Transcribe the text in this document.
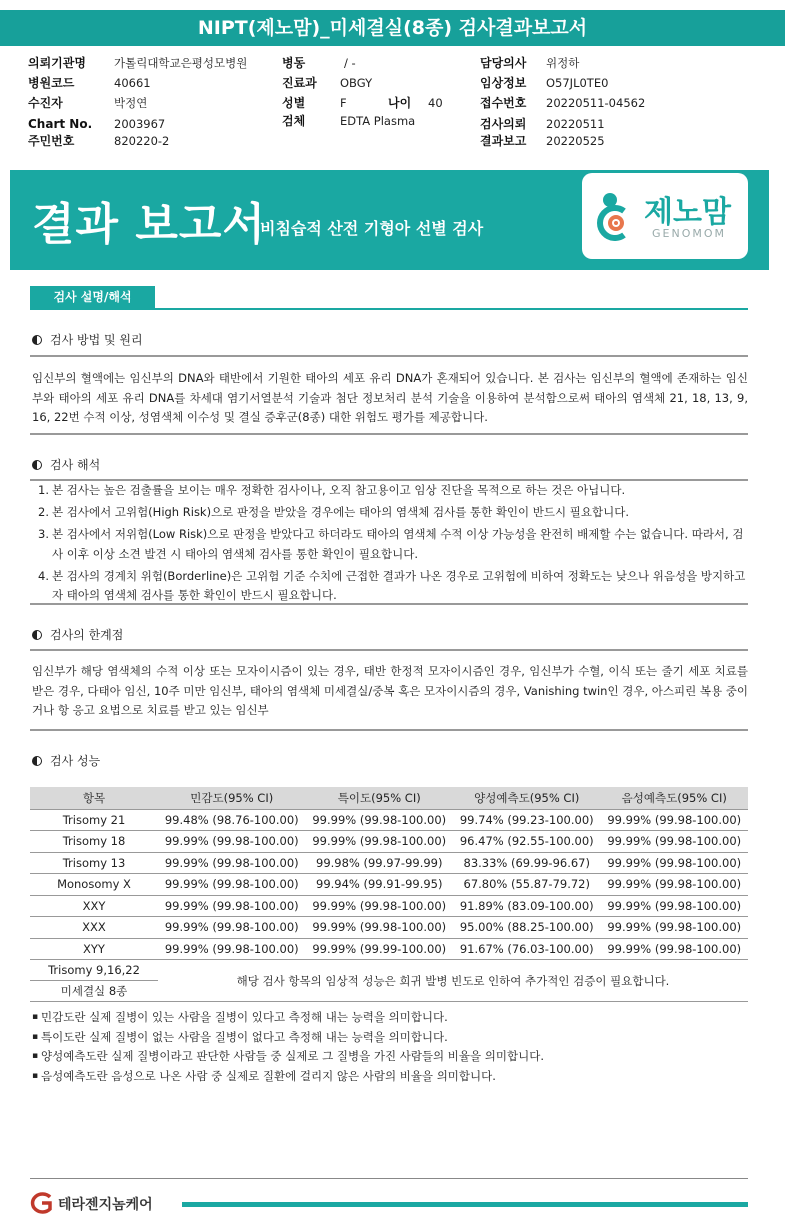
NIPT(제노맘)_미세결실(8종) 검사결과보고서
의뢰기관명 가톨릭대학교은평성모병원	병동	/ -	담당의사 위정하
병원코드	40661	진료과 OBGY	임상정보 O57JL0TE0
수진자	박정연	성별	F	나이 40	접수번호 20220511-04562
Chart No. 2003967	검체	EDTA Plasma	검사의뢰 20220511
주민번호	820220-2	결과보고 20220525
결과 보고서
비침습적 산전 기형아 선별 검사	제노맘
GENOMOM
검사 설명/해석
검사 방법 및 원리
임신부의 혈액에는 임신부의 DNA와 태반에서 기원한 태아의 세포 유리 DNA가 혼재되어 있습니다. 본 검사는 임신부의 혈액에 존재하는 임신부와 태아의 세포 유리 DNA를 차세대 염기서열분석 기술과 첨단 정보처리 분석 기술을 이용하여 분석함으로써 태아의 염색체 21, 18, 13, 9, 16, 22번 수적 이상, 성염색체 이수성 및 결실 증후군(8종) 대한 위험도 평가를 제공합니다.
검사 해석
1. 본 검사는 높은 검출률을 보이는 매우 정확한 검사이나, 오직 참고용이고 임상 진단을 목적으로 하는 것은 아닙니다.
2. 본 검사에서 고위험(High Risk)으로 판정을 받았을 경우에는 태아의 염색체 검사를 통한 확인이 반드시 필요합니다.
3. 본 검사에서 저위험(Low Risk)으로 판정을 받았다고 하더라도 태아의 염색체 수적 이상 가능성을 완전히 배제할 수는 없습니다. 따라서, 검사 이후 이상 소견 발견 시 태아의 염색체 검사를 통한 확인이 필요합니다.
4. 본 검사의 경계치 위험(Borderline)은 고위험 기준 수치에 근접한 결과가 나온 경우로 고위험에 비하여 정확도는 낮으나 위음성을 방지하고자 태아의 염색체 검사를 통한 확인이 반드시 필요합니다.
검사의 한계점
임신부가 해당 염색체의 수적 이상 또는 모자이시즘이 있는 경우, 태반 한정적 모자이시즘인 경우, 임신부가 수혈, 이식 또는 줄기 세포 치료를 받은 경우, 다태아 임신, 10주 미만 임신부, 태아의 염색체 미세결실/중복 혹은 모자이시즘의 경우, Vanishing twin인 경우, 아스피린 복용 중이거나 항 응고 요법으로 치료를 받고 있는 임신부
검사 성능
항목	민감도(95% CI)	특이도(95% CI)	양성예측도(95% CI)	음성예측도(95% CI)
Trisomy 21	99.48% (98.76-100.00)	99.99% (99.98-100.00)	99.74% (99.23-100.00)	99.99% (99.98-100.00)
Trisomy 18	99.99% (99.98-100.00)	99.99% (99.98-100.00)	96.47% (92.55-100.00)	99.99% (99.98-100.00)
Trisomy 13	99.99% (99.98-100.00)	99.98% (99.97-99.99)	83.33% (69.99-96.67)	99.99% (99.98-100.00)
Monosomy X	99.99% (99.98-100.00)	99.94% (99.91-99.95)	67.80% (55.87-79.72)	99.99% (99.98-100.00)
XXY	99.99% (99.98-100.00)	99.99% (99.98-100.00)	91.89% (83.09-100.00)	99.99% (99.98-100.00)
XXX	99.99% (99.98-100.00)	99.99% (99.98-100.00)	95.00% (88.25-100.00)	99.99% (99.98-100.00)
XYY	99.99% (99.98-100.00)	99.99% (99.99-100.00)	91.67% (76.03-100.00)	99.99% (99.98-100.00)
Trisomy 9,16,22	해당 검사 항목의 임상적 성능은 희귀 발병 빈도로 인하여 추가적인 검증이 필요합니다.			
미세결실 8종				
▪ 민감도란 실제 질병이 있는 사람을 질병이 있다고 측정해 내는 능력을 의미합니다.
▪ 특이도란 실제 질병이 없는 사람을 질병이 없다고 측정해 내는 능력을 의미합니다.
▪ 양성예측도란 실제 질병이라고 판단한 사람들 중 실제로 그 질병을 가진 사람들의 비율을 의미합니다.
▪ 음성예측도란 음성으로 나온 사람 중 실제로 질환에 걸리지 않은 사람의 비율을 의미합니다.
테라젠지놈케어
